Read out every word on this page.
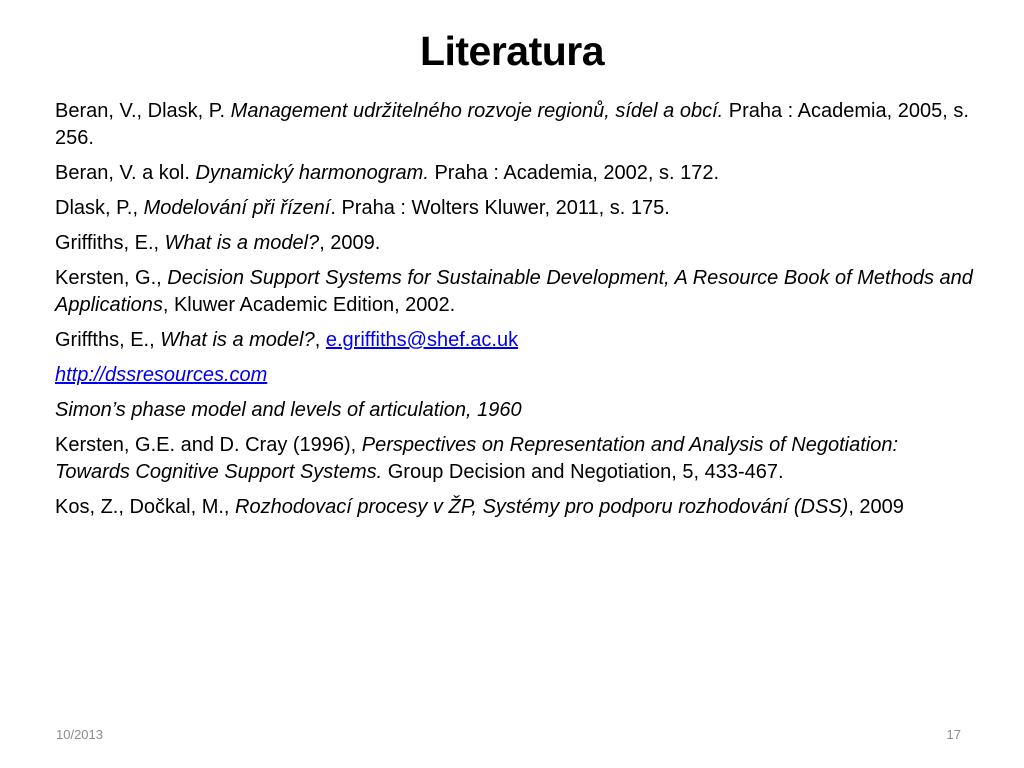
Literatura
Beran, V., Dlask, P. Management udržitelného rozvoje regionů, sídel a obcí. Praha : Academia, 2005, s. 256.
Beran, V. a kol. Dynamický harmonogram. Praha : Academia, 2002, s. 172.
Dlask, P., Modelování při řízení. Praha : Wolters Kluwer, 2011, s. 175.
Griffiths, E., What is a model?, 2009.
Kersten, G., Decision Support Systems for Sustainable Development, A Resource Book of Methods and Applications, Kluwer Academic Edition, 2002.
Griffths, E., What is a model?, e.griffiths@shef.ac.uk
http://dssresources.com
Simon’s phase model and levels of articulation, 1960
Kersten, G.E. and D. Cray (1996), Perspectives on Representation and Analysis of Negotiation: Towards Cognitive Support Systems. Group Decision and Negotiation, 5, 433-467.
Kos, Z., Dočkal, M., Rozhodovací procesy v ŽP, Systémy pro podporu rozhodování (DSS), 2009
10/2013	17
